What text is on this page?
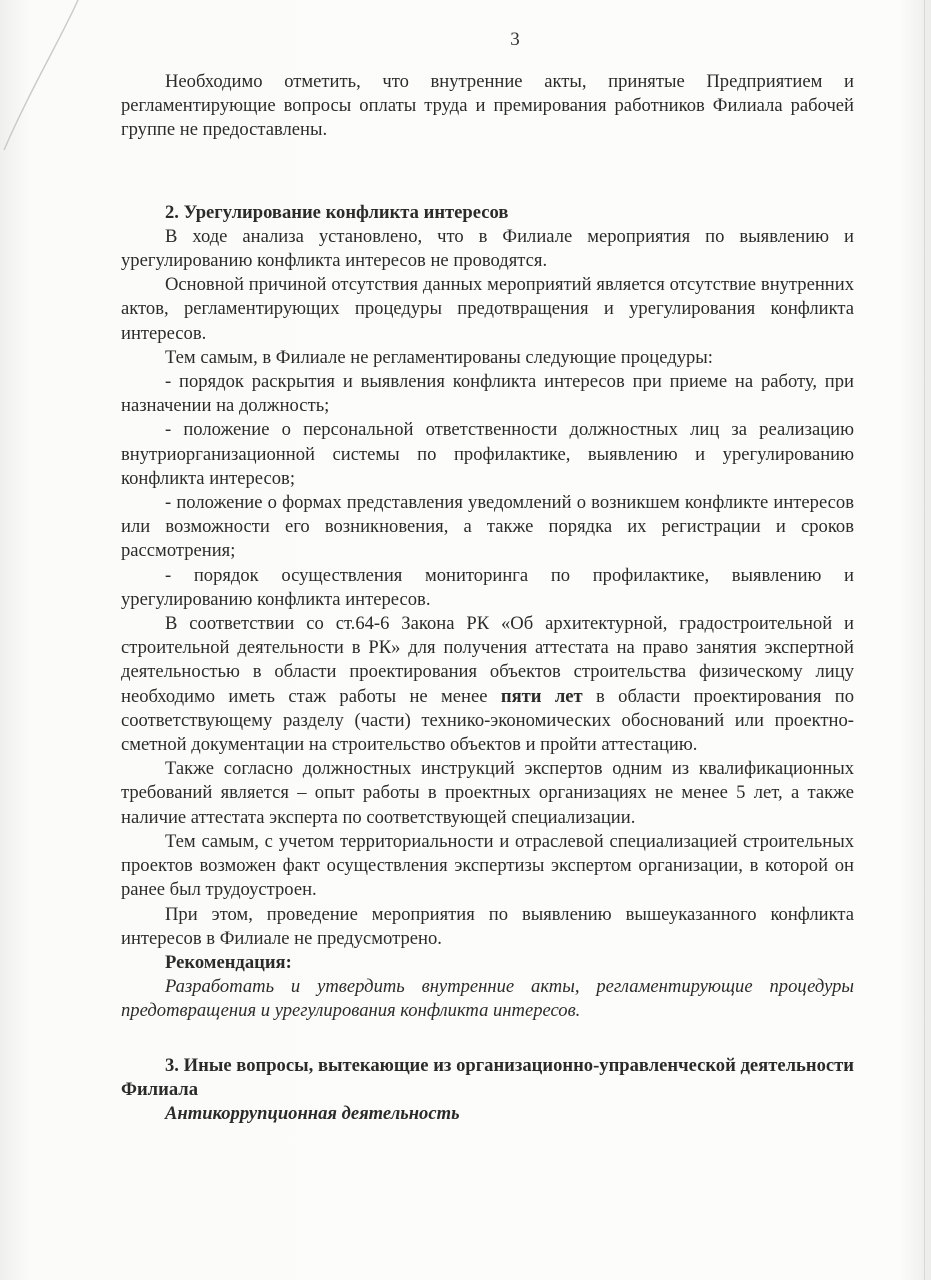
3

Необходимо отметить, что внутренние акты, принятые Предприятием и регламентирующие вопросы оплаты труда и премирования работников Филиала рабочей группе не предоставлены.

2. Урегулирование конфликта интересов

В ходе анализа установлено, что в Филиале мероприятия по выявлению и урегулированию конфликта интересов не проводятся.

Основной причиной отсутствия данных мероприятий является отсутствие внутренних актов, регламентирующих процедуры предотвращения и урегулирования конфликта интересов.

Тем самым, в Филиале не регламентированы следующие процедуры:

- порядок раскрытия и выявления конфликта интересов при приеме на работу, при назначении на должность;

- положение о персональной ответственности должностных лиц за реализацию внутриорганизационной системы по профилактике, выявлению и урегулированию конфликта интересов;

- положение о формах представления уведомлений о возникшем конфликте интересов или возможности его возникновения, а также порядка их регистрации и сроков рассмотрения;

- порядок осуществления мониторинга по профилактике, выявлению и урегулированию конфликта интересов.

В соответствии со ст.64-6 Закона РК «Об архитектурной, градостроительной и строительной деятельности в РК» для получения аттестата на право занятия экспертной деятельностью в области проектирования объектов строительства физическому лицу необходимо иметь стаж работы не менее пяти лет в области проектирования по соответствующему разделу (части) технико-экономических обоснований или проектно-сметной документации на строительство объектов и пройти аттестацию.

Также согласно должностных инструкций экспертов одним из квалификационных требований является – опыт работы в проектных организациях не менее 5 лет, а также наличие аттестата эксперта по соответствующей специализации.

Тем самым, с учетом территориальности и отраслевой специализацией строительных проектов возможен факт осуществления экспертизы экспертом организации, в которой он ранее был трудоустроен.

При этом, проведение мероприятия по выявлению вышеуказанного конфликта интересов в Филиале не предусмотрено.

Рекомендация:

Разработать и утвердить внутренние акты, регламентирующие процедуры предотвращения и урегулирования конфликта интересов.

3. Иные вопросы, вытекающие из организационно-управленческой деятельности Филиала

Антикоррупционная деятельность
